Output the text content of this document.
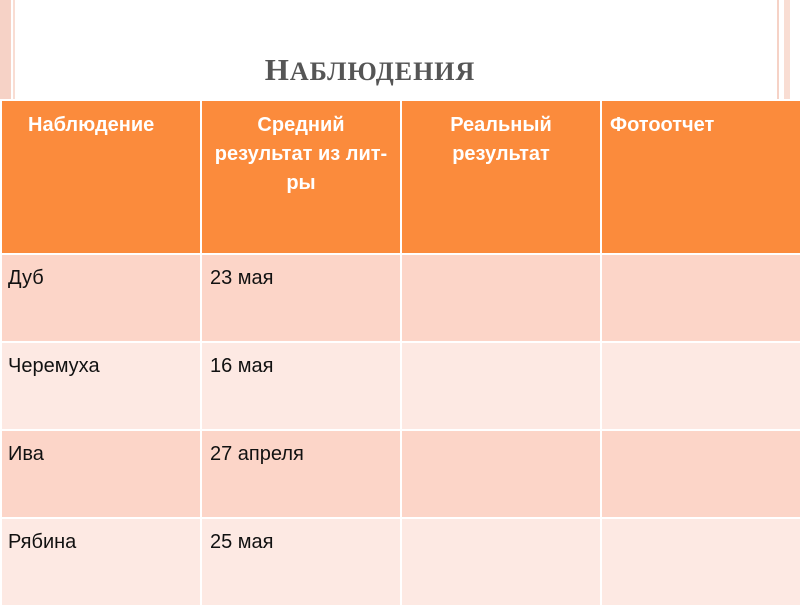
НАБЛЮДЕНИЯ
Наблюдение	Средний результат из лит-ры	Реальный результат	Фотоотчет
Дуб	23 мая		
Черемуха	16 мая		
Ива	27 апреля		
Рябина	25 мая		
